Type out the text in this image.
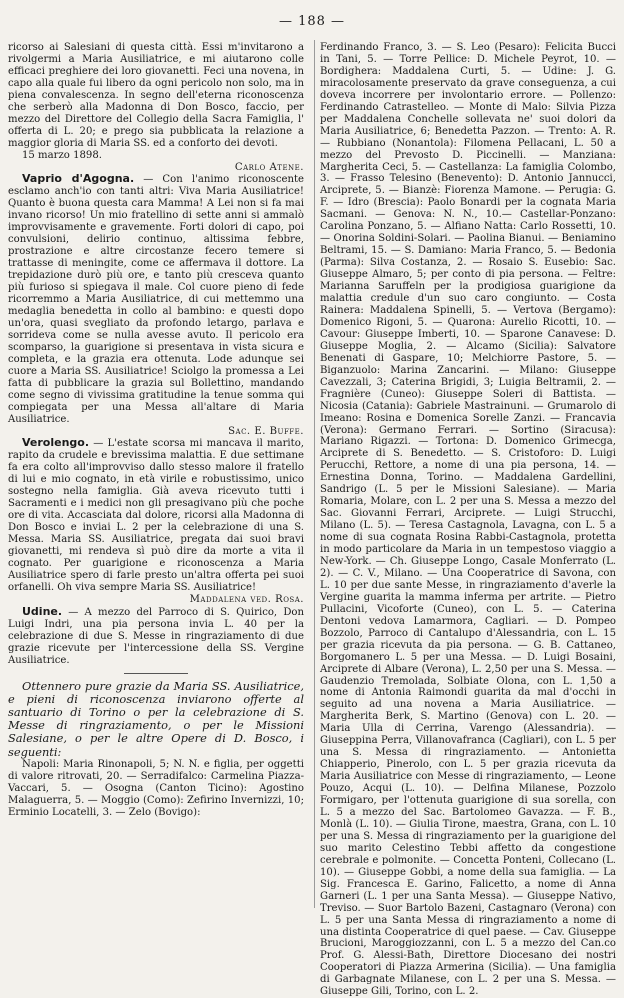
— 188 —

ricorso ai Salesiani di questa città. Essi m'invitarono a rivolgermi a Maria Ausiliatrice, e mi aiutarono colle efficaci preghiere dei loro giovanetti. Feci una novena, in capo alla quale fui libero da ogni pericolo non solo, ma in piena convalescenza. In segno dell'eterna riconoscenza che serberò alla Madonna di Don Bosco, faccio, per mezzo del Direttore del Collegio della Sacra Famiglia, l' offerta di L. 20; e prego sia pubblicata la relazione a maggior gloria di Maria SS. ed a conforto dei devoti.

15 marzo 1898.

Carlo Atene.

Vaprio d'Agogna. — Con l'animo riconoscente esclamo anch'io con tanti altri: Viva Maria Ausiliatrice! Quanto è buona questa cara Mamma! A Lei non si fa mai invano ricorso! Un mio fratellino di sette anni si ammalò improvvisamente e gravemente. Forti dolori di capo, poi convulsioni, delirio continuo, altissima febbre, prostrazione e altre circostanze fecero temere si trattasse di meningite, come ce affermava il dottore. La trepidazione durò più ore, e tanto più cresceva quanto più furioso si spiegava il male. Col cuore pieno di fede ricorremmo a Maria Ausiliatrice, di cui mettemmo una medaglia benedetta in collo al bambino: e questi dopo un'ora, quasi svegliato da profondo letargo, parlava e sorrideva come se nulla avesse avuto. Il pericolo era scomparso, la guarigione si presentava in vista sicura e completa, e la grazia era ottenuta. Lode adunque sei cuore a Maria SS. Ausiliatrice! Sciolgo la promessa a Lei fatta di pubblicare la grazia sul Bollettino, mandando come segno di vivissima gratitudine la tenue somma qui compiegata per una Messa all'altare di Maria Ausiliatrice.

Sac. E. Buffe.

Verolengo. — L'estate scorsa mi mancava il marito, rapito da crudele e brevissima malattia. E due settimane fa era colto all'improvviso dallo stesso malore il fratello di lui e mio cognato, in età virile e robustissimo, unico sostegno nella famiglia. Già aveva ricevuto tutti i Sacramenti e i medici non gli presagivano più che poche ore di vita. Accasciata dal dolore, ricorsi alla Madonna di Don Bosco e inviai L. 2 per la celebrazione di una S. Messa. Maria SS. Ausiliatrice, pregata dai suoi bravi giovanetti, mi rendeva sì può dire da morte a vita il cognato. Per guarigione e riconoscenza a Maria Ausiliatrice spero di farle presto un'altra offerta pei suoi orfanelli. Oh viva sempre Maria SS. Ausiliatrice!

Maddalena ved. Rosa.

Udine. — A mezzo del Parroco di S. Quirico, Don Luigi Indri, una pia persona invia L. 40 per la celebrazione di due S. Messe in ringraziamento di due grazie ricevute per l'intercessione della SS. Vergine Ausiliatrice.

Ottennero pure grazie da Maria SS. Ausiliatrice, e pieni di riconoscenza inviarono offerte al santuario di Torino o per la celebrazione di S. Messe di ringraziamento, o per le Missioni Salesiane, o per le altre Opere di D. Bosco, i seguenti:

Napoli: Maria Rinonapoli, 5; N. N. e figlia, per oggetti di valore ritrovati, 20. — Serradifalco: Carmelina Piazza-Vaccari, 5. — Osogna (Canton Ticino): Agostino Malaguerra, 5. — Moggio (Como): Zefirino Invernizzi, 10; Erminio Locatelli, 3. — Zelo (Bovigo):

Ferdinando Franco, 3. — S. Leo (Pesaro): Felicita Bucci in Tani, 5. — Torre Pellice: D. Michele Peyrot, 10. — Bordighera: Maddalena Curti, 5. — Udine: J. G. miracolosamente preservato da grave conseguenza, a cui doveva incorrere per involontario errore. — Pollenzo: Ferdinando Catrastelleo. — Monte di Malo: Silvia Pizza per Maddalena Conchelle sollevata ne' suoi dolori da Maria Ausiliatrice, 6; Benedetta Pazzon. — Trento: A. R. — Rubbiano (Nonantola): Filomena Pellacani, L. 50 a mezzo del Prevosto D. Piccinelli. — Manziana: Margherita Ceci, 5. — Castellanza: La famiglia Colombo, 3. — Frasso Telesino (Benevento): D. Antonio Jannucci, Arciprete, 5. — Bianzè: Fiorenza Mamone. — Perugia: G. F. — Idro (Brescia): Paolo Bonardi per la cognata Maria Sacmani. — Genova: N. N., 10.— Castellar-Ponzano: Carolina Ponzano, 5. — Alfiano Natta: Carlo Rossetti, 10. — Onorina Soldini-Solari. — Paolina Bianui. — Beniamino Beltrami, 15. — S. Damiano: Maria Franco, 5. — Bedonia (Parma): Silva Costanza, 2. — Rosaio S. Eusebio: Sac. Giuseppe Almaro, 5; per conto di pia persona. — Feltre: Marianna Saruffeln per la prodigiosa guarigione da malattia credule d'un suo caro congiunto. — Costa Rainera: Maddalena Spinelli, 5. — Vertova (Bergamo): Domenico Rigoni, 5. — Quarona: Aurelio Ricotti, 10. — Cavour: Giuseppe Imberti, 10. — Sparone Canavese: D. Giuseppe Moglia, 2. — Alcamo (Sicilia): Salvatore Benenati di Gaspare, 10; Melchiorre Pastore, 5. — Biganzuolo: Marina Zancarini. — Milano: Giuseppe Cavezzali, 3; Caterina Brigidi, 3; Luigia Beltramii, 2. — Fragnière (Cuneo): Giuseppe Soleri di Battista. — Nicosia (Catania): Gabriele Mastrainuni. — Grumarolo di Imeano: Rosina e Domenica Sorelle Zanzi. — Francavia (Verona): Germano Ferrari. — Sortino (Siracusa): Mariano Rigazzi. — Tortona: D. Domenico Grimecga, Arciprete di S. Benedetto. — S. Cristoforo: D. Luigi Perucchi, Rettore, a nome di una pia persona, 14. — Ernestina Donna, Torino. — Maddalena Gardellini, Sandrigo (L. 5 per le Missioni Salesiane). — Maria Romaria, Molare, con L. 2 per una S. Messa a mezzo del Sac. Giovanni Ferrari, Arciprete. — Luigi Strucchi, Milano (L. 5). — Teresa Castagnola, Lavagna, con L. 5 a nome di sua cognata Rosina Rabbi-Castagnola, protetta in modo particolare da Maria in un tempestoso viaggio a New-York. — Ch. Giuseppe Longo, Casale Monferrato (L. 2). — C. V., Milano. — Una Cooperatrice di Savona, con L. 10 per due sante Messe, in ringraziamento d'averle la Vergine guarita la mamma inferma per artrite. — Pietro Pullacini, Vicoforte (Cuneo), con L. 5. — Caterina Dentoni vedova Lamarmora, Cagliari. — D. Pompeo Bozzolo, Parroco di Cantalupo d'Alessandria, con L. 15 per grazia ricevuta da pia persona. — G. B. Cattaneo, Borgomanero L. 5 per una Messa. — D. Luigi Bosaini, Arciprete di Albare (Verona), L. 2,50 per una S. Messa. — Gaudenzio Tremolada, Solbiate Olona, con L. 1,50 a nome di Antonia Raimondi guarita da mal d'occhi in seguito ad una novena a Maria Ausiliatrice. — Margherita Berk, S. Martino (Genova) con L. 20. — Maria Ulla di Cerrina, Varengo (Alessandria). — Giuseppina Perra, Villanovafranca (Cagliari), con L. 5 per una S. Messa di ringraziamento. — Antonietta Chiapperio, Pinerolo, con L. 5 per grazia ricevuta da Maria Ausiliatrice con Messe di ringraziamento, — Leone Pouzo, Acqui (L. 10). — Delfina Milanese, Pozzolo Formigaro, per l'ottenuta guarigione di sua sorella, con L. 5 a mezzo del Sac. Bartolomeo Gavazza. — F. B., Monlà (L. 10). — Giulia Tirone, maestra, Grana, con L. 10 per una S. Messa di ringraziamento per la guarigione del suo marito Celestino Tebbi affetto da congestione cerebrale e polmonite. — Concetta Ponteni, Collecano (L. 10). — Giuseppe Gobbi, a nome della sua famiglia. — La Sig. Francesca E. Garino, Falicetto, a nome di Anna Garneri (L. 1 per una Santa Messa). — Giuseppe Nativo, Treviso. — Suor Bartolo Bazeni, Castagnaro (Verona) con L. 5 per una Santa Messa di ringraziamento a nome di una distinta Cooperatrice di quel paese. — Cav. Giuseppe Brucioni, Maroggiozzanni, con L. 5 a mezzo del Can.co Prof. G. Alessi-Bath, Direttore Diocesano dei nostri Cooperatori di Piazza Armerina (Sicilia). — Una famiglia di Garbagnate Milanese, con L. 2 per una S. Messa. — Giuseppe Gili, Torino, con L. 2.
